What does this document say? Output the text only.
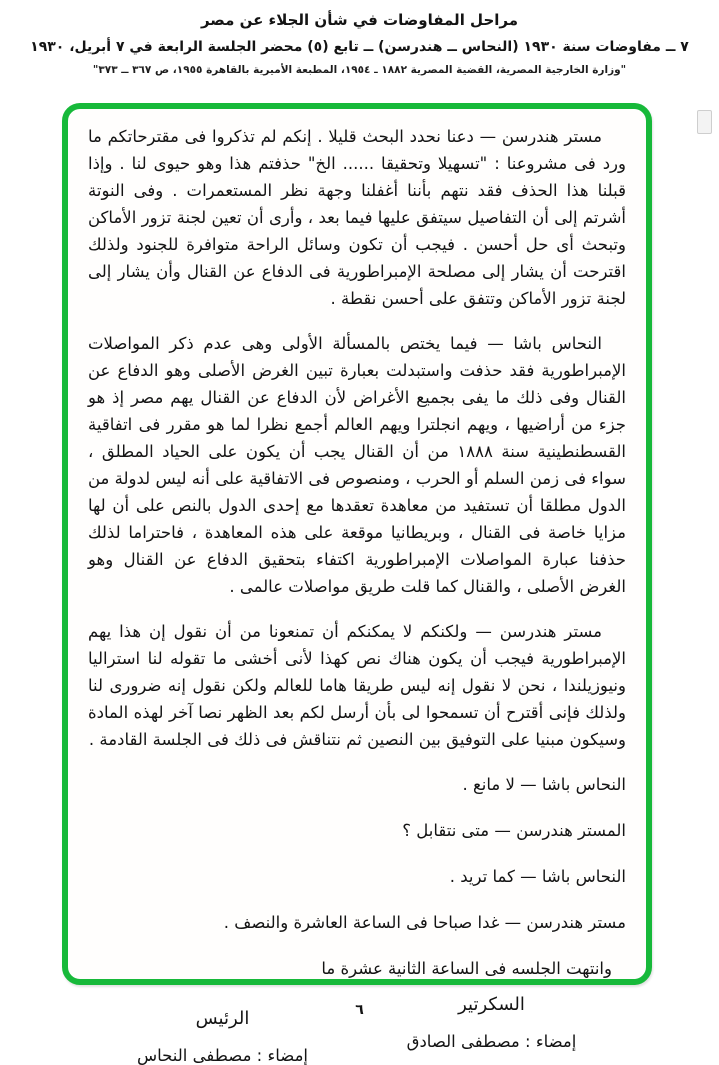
مراحل المفاوضات في شأن الجلاء عن مصر
٧ ــ مفاوضات سنة ١٩٣٠ (النحاس ــ هندرسن) ــ تابع (٥) محضر الجلسة الرابعة في ٧ أبريل، ١٩٣٠
"وزارة الخارجية المصرية، القضية المصرية ١٨٨٢ ـ ١٩٥٤، المطبعة الأميرية بالقاهرة ١٩٥٥، ص ٣٦٧ ــ ٣٧٣"

مستر هندرسن — دعنا نحدد البحث قليلا . إنكم لم تذكروا فى مقترحاتكم ما ورد فى مشروعنا : "تسهيلا وتحقيقا ...... الخ" حذفتم هذا وهو حيوى لنا . وإذا قبلنا هذا الحذف فقد نتهم بأننا أغفلنا وجهة نظر المستعمرات . وفى النوتة أشرتم إلى أن التفاصيل سيتفق عليها فيما بعد ، وأرى أن تعين لجنة تزور الأماكن وتبحث أى حل أحسن . فيجب أن تكون وسائل الراحة متوافرة للجنود ولذلك اقترحت أن يشار إلى مصلحة الإمبراطورية فى الدفاع عن القنال وأن يشار إلى لجنة تزور الأماكن وتتفق على أحسن نقطة .

النحاس باشا — فيما يختص بالمسألة الأولى وهى عدم ذكر المواصلات الإمبراطورية فقد حذفت واستبدلت بعبارة تبين الغرض الأصلى وهو الدفاع عن القنال وفى ذلك ما يفى بجميع الأغراض لأن الدفاع عن القنال يهم مصر إذ هو جزء من أراضيها ، ويهم انجلترا ويهم العالم أجمع نظرا لما هو مقرر فى اتفاقية القسطنطينية سنة ١٨٨٨ من أن القنال يجب أن يكون على الحياد المطلق ، سواء فى زمن السلم أو الحرب ، ومنصوص فى الاتفاقية على أنه ليس لدولة من الدول مطلقا أن تستفيد من معاهدة تعقدها مع إحدى الدول بالنص على أن لها مزايا خاصة فى القنال ، وبريطانيا موقعة على هذه المعاهدة ، فاحتراما لذلك حذفنا عبارة المواصلات الإمبراطورية اكتفاء بتحقيق الدفاع عن القنال وهو الغرض الأصلى ، والقنال كما قلت طريق مواصلات عالمى .

مستر هندرسن — ولكنكم لا يمكنكم أن تمنعونا من أن نقول إن هذا يهم الإمبراطورية فيجب أن يكون هناك نص كهذا لأنى أخشى ما تقوله لنا استراليا ونيوزيلندا ، نحن لا نقول إنه ليس طريقا هاما للعالم ولكن نقول إنه ضرورى لنا ولذلك فإنى أقترح أن تسمحوا لى بأن أرسل لكم بعد الظهر نصا آخر لهذه المادة وسيكون مبنيا على التوفيق بين النصين ثم نتناقش فى ذلك فى الجلسة القادمة .

النحاس باشا — لا مانع .

المستر هندرسن — متى نتقابل ؟

النحاس باشا — كما تريد .

مستر هندرسن — غدا صباحا فى الساعة العاشرة والنصف .

وانتهت الجلسه فى الساعة الثانية عشرة ما

السكرتير
إمضاء : مصطفى الصادق
الرئيس
إمضاء : مصطفى النحاس
٦
